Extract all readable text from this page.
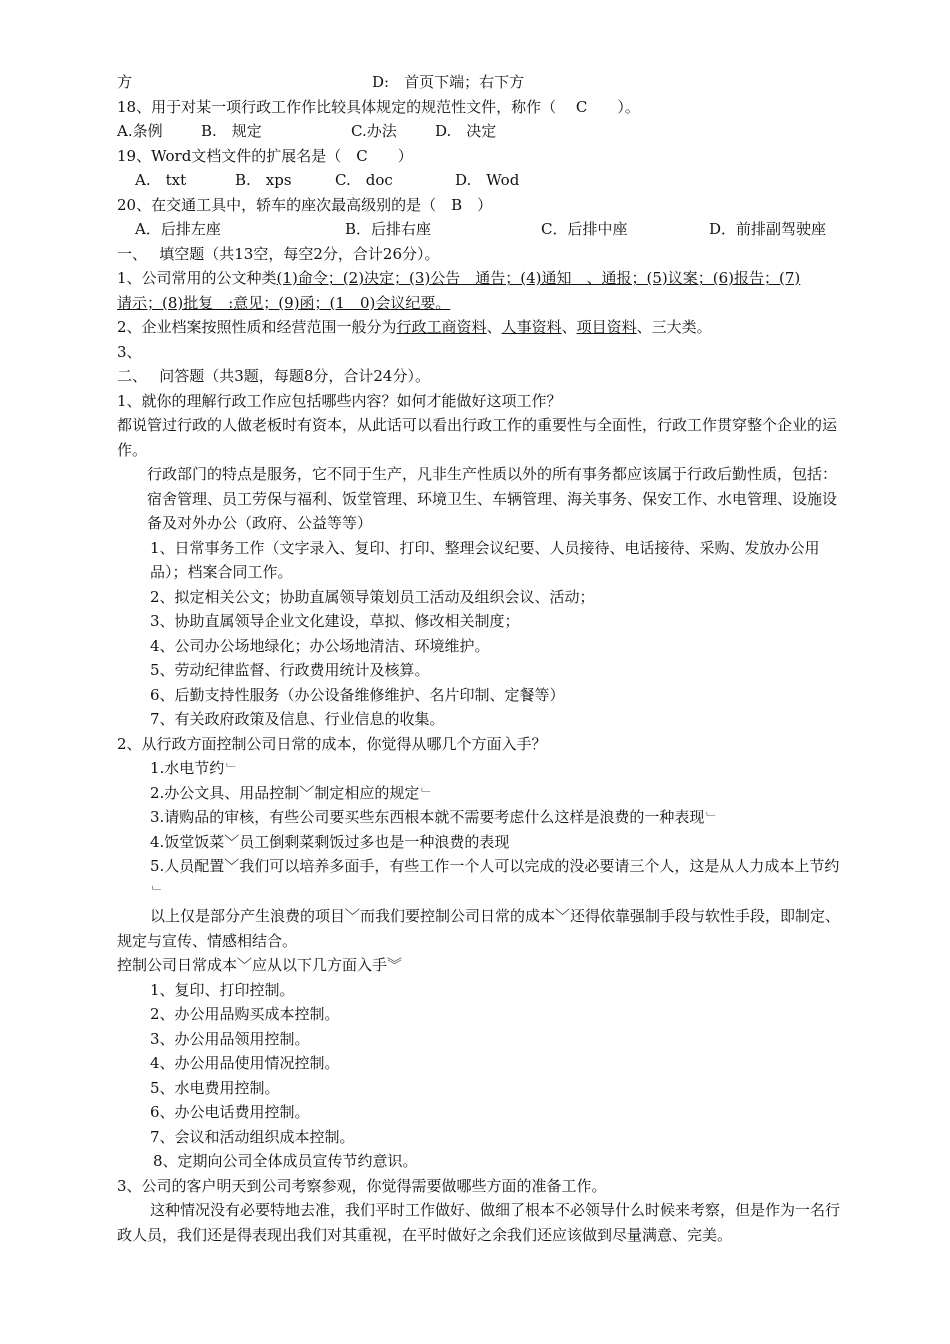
方	D:　首页下端；右下方
18、用于对某一项行政工作作比较具体规定的规范性文件，称作（　 C　　）。
A.条例	B.　规定	C.办法	D.　决定
19、Word文档文件的扩展名是（　C　　）
A.　txt	B.　xps	C.　doc	D.　Wod
20、在交通工具中，轿车的座次最高级别的是（　B　）
A．后排左座	B．后排右座	C．后排中座	D．前排副驾驶座
一、　 填空题（共13空，每空2分，合计26分）。
1、公司常用的公文种类(1)命令；(2)决定；(3)公告　通告；(4)通知　、通报；(5)议案；(6)报告；(7)
请示；(8)批复　:意见；(9)函；(1　0)会议纪要。
2、企业档案按照性质和经营范围一般分为行政工商资料、人事资料、项目资料、三大类。
3、
二、　 问答题（共3题，每题8分，合计24分）。
1、就你的理解行政工作应包括哪些内容？如何才能做好这项工作？
都说管过行政的人做老板时有资本，从此话可以看出行政工作的重要性与全面性，行政工作贯穿整个企业的运作。
行政部门的特点是服务，它不同于生产，凡非生产性质以外的所有事务都应该属于行政后勤性质，包括：宿舍管理、员工劳保与福利、饭堂管理、环境卫生、车辆管理、海关事务、保安工作、水电管理、设施设备及对外办公（政府、公益等等）
1、日常事务工作（文字录入、复印、打印、整理会议纪要、人员接待、电话接待、采购、发放办公用品）；档案合同工作。
2、拟定相关公文；协助直属领导策划员工活动及组织会议、活动；
3、协助直属领导企业文化建设，草拟、修改相关制度；
4、公司办公场地绿化；办公场地清洁、环境维护。
5、劳动纪律监督、行政费用统计及核算。
6、后勤支持性服务（办公设备维修维护、名片印制、定餐等）
7、有关政府政策及信息、行业信息的收集。
2、从行政方面控制公司日常的成本，你觉得从哪几个方面入手？
1.水电节约 ﹂
2.办公文具、用品控制﹀制定相应的规定 ﹂
3.请购品的审核，有些公司要买些东西根本就不需要考虑什么这样是浪费的一种表现 ﹂
4.饭堂饭菜﹀员工倒剩菜剩饭过多也是一种浪费的表现
5.人员配置﹀我们可以培养多面手，有些工作一个人可以完成的没必要请三个人，这是从人力成本上节约﹂
以上仅是部分产生浪费的项目﹀而我们要控制公司日常的成本﹀还得依靠强制手段与软性手段，即制定、规定与宣传、情感相结合。
控制公司日常成本﹀应从以下几方面入手︾
1、复印、打印控制。
2、办公用品购买成本控制。
3、办公用品领用控制。
4、办公用品使用情况控制。
5、水电费用控制。
6、办公电话费用控制。
7、会议和活动组织成本控制。
8、定期向公司全体成员宣传节约意识。
3、公司的客户明天到公司考察参观，你觉得需要做哪些方面的准备工作。
这种情况没有必要特地去准，我们平时工作做好、做细了根本不必领导什么时候来考察，但是作为一名行政人员，我们还是得表现出我们对其重视，在平时做好之余我们还应该做到尽量满意、完美。
